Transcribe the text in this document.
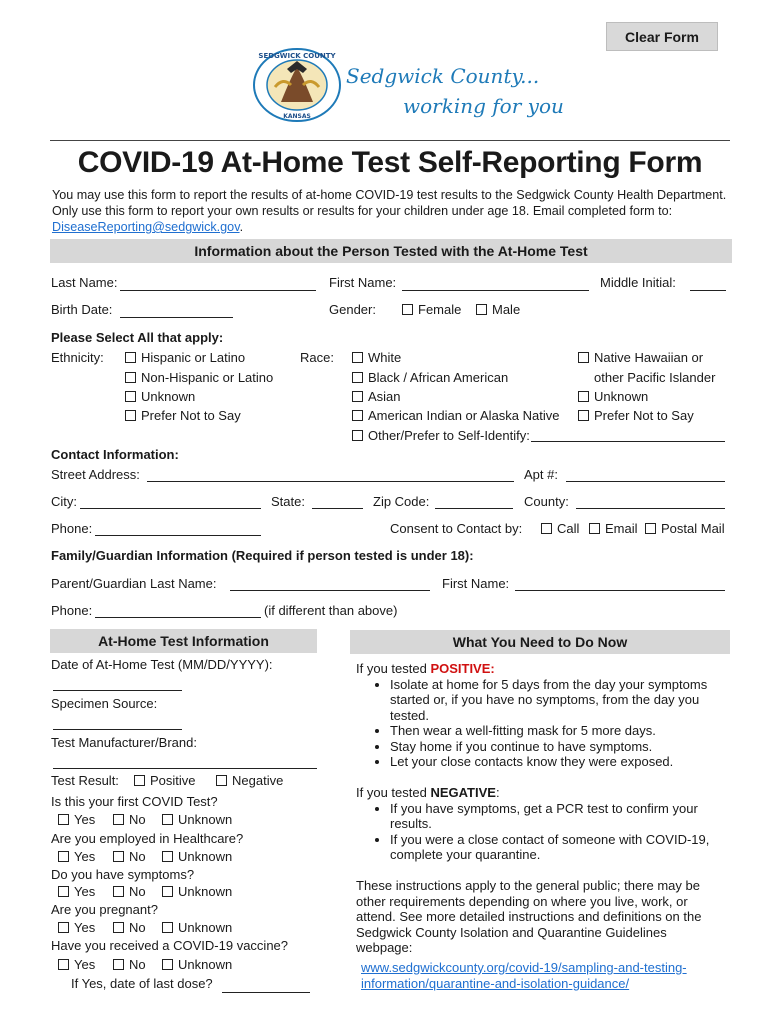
Clear Form
SEDGWICK COUNTY
KANSAS
Sedgwick County...
working for you
COVID-19 At-Home Test Self-Reporting Form
You may use this form to report the results of at-home COVID-19 test results to the Sedgwick County Health Department. Only use this form to report your own results or results for your children under age 18. Email completed form to: DiseaseReporting@sedgwick.gov.
Information about the Person Tested with the At-Home Test
Last Name:	First Name:	Middle Initial:
Birth Date:	Gender:	Female	Male
Please Select All that apply:
Ethnicity:	Hispanic or Latino
Non-Hispanic or Latino
Unknown
Prefer Not to Say
Race:	White
Black / African American
Asian
American Indian or Alaska Native
Other/Prefer to Self-Identify:
Native Hawaiian or
other Pacific Islander
Unknown
Prefer Not to Say
Contact Information:
Street Address:	Apt #:
City:	State:	Zip Code:	County:
Phone:	Consent to Contact by:	Call	Email	Postal Mail
Family/Guardian Information (Required if person tested is under 18):
Parent/Guardian Last Name:	First Name:
Phone:	(if different than above)
At-Home Test Information
Date of At-Home Test (MM/DD/YYYY):
Specimen Source:
Test Manufacturer/Brand:
Test Result:	Positive	Negative
Is this your first COVID Test?
Yes	No	Unknown
Are you employed in Healthcare?
Yes	No	Unknown
Do you have symptoms?
Yes	No	Unknown
Are you pregnant?
Yes	No	Unknown
Have you received a COVID-19 vaccine?
Yes	No	Unknown
If Yes, date of last dose?
What You Need to Do Now
If you tested POSITIVE:
• Isolate at home for 5 days from the day your symptoms started or, if you have no symptoms, from the day you tested.
• Then wear a well-fitting mask for 5 more days.
• Stay home if you continue to have symptoms.
• Let your close contacts know they were exposed.
If you tested NEGATIVE:
• If you have symptoms, get a PCR test to confirm your results.
• If you were a close contact of someone with COVID-19, complete your quarantine.
These instructions apply to the general public; there may be other requirements depending on where you live, work, or attend. See more detailed instructions and definitions on the Sedgwick County Isolation and Quarantine Guidelines webpage:
www.sedgwickcounty.org/covid-19/sampling-and-testing-information/quarantine-and-isolation-guidance/
